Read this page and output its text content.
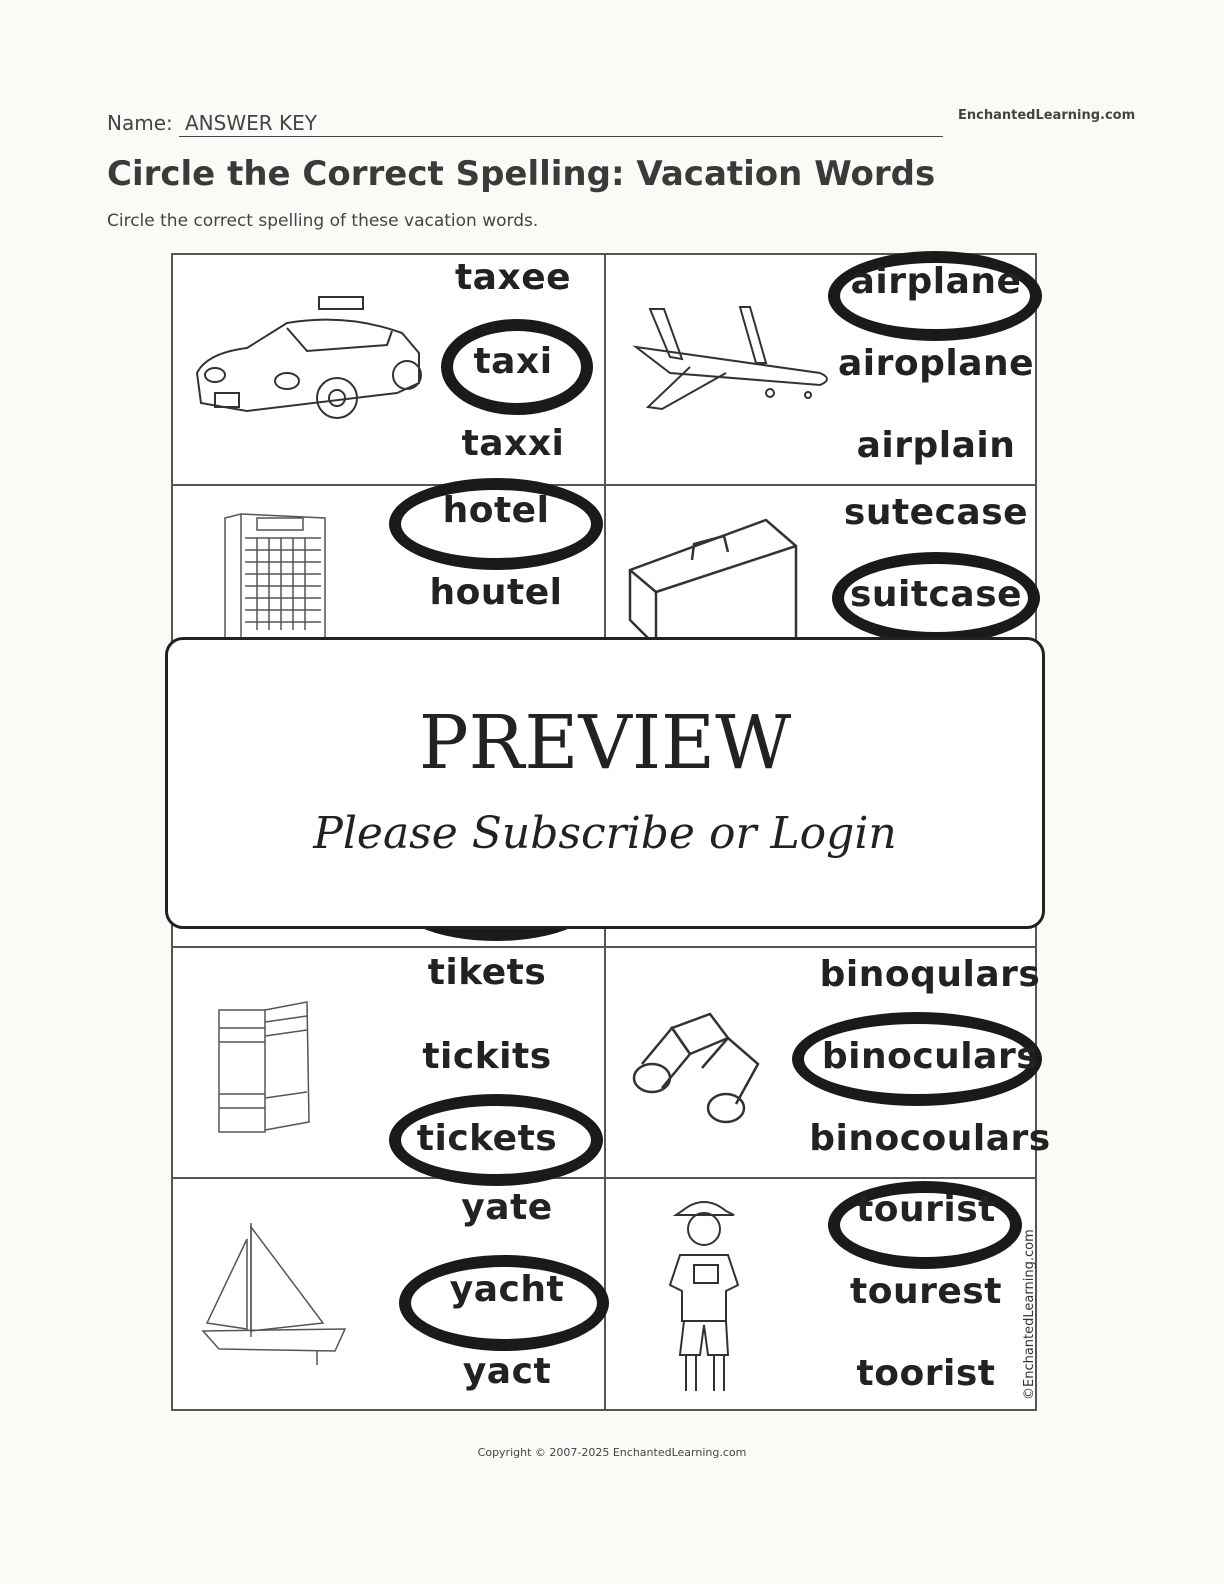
Name: ANSWER KEY	EnchantedLearning.com
Circle the Correct Spelling: Vacation Words
Circle the correct spelling of these vacation words.
taxee
taxi
taxxi
airplane
airoplane
airplain
hotel
houtel
sutecase
suitcase
tikets
tickits
tickets
binoqulars
binoculars
binocoulars
yate
yacht
yact
tourist
tourest
toorist
PREVIEW
Please Subscribe or Login
©EnchantedLearning.com
Copyright © 2007-2025 EnchantedLearning.com
